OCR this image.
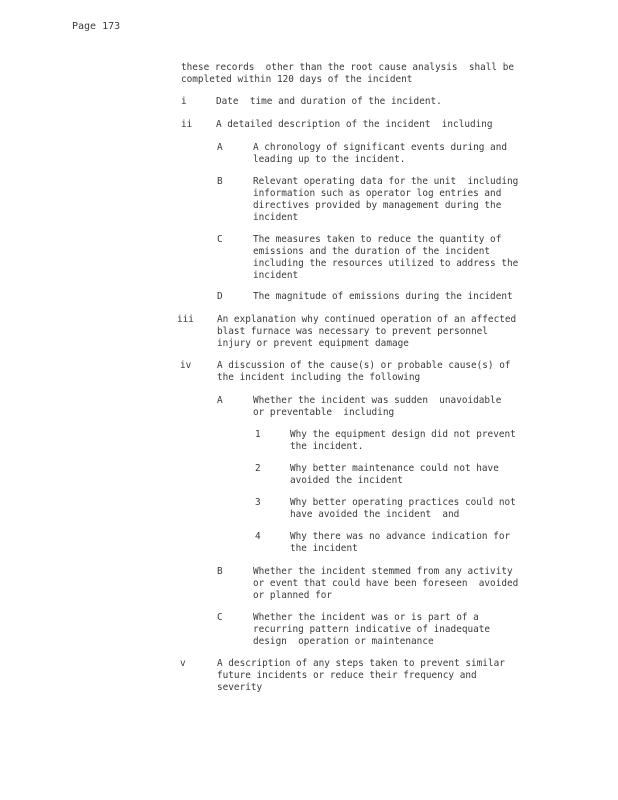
Page 173
these records  other than the root cause analysis  shall be
completed within 120 days of the incident
i	Date  time and duration of the incident.
ii	A detailed description of the incident  including
A	A chronology of significant events during and
leading up to the incident.
B	Relevant operating data for the unit  including
information such as operator log entries and
directives provided by management during the
incident
C	The measures taken to reduce the quantity of
emissions and the duration of the incident
including the resources utilized to address the
incident
D	The magnitude of emissions during the incident
iii An explanation why continued operation of an affected
blast furnace was necessary to prevent personnel
injury or prevent equipment damage
iv	A discussion of the cause(s) or probable cause(s) of
the incident including the following
A	Whether the incident was sudden  unavoidable
or preventable  including
1	Why the equipment design did not prevent
the incident.
2	Why better maintenance could not have
avoided the incident
3	Why better operating practices could not
have avoided the incident  and
4	Why there was no advance indication for
the incident
B	Whether the incident stemmed from any activity
or event that could have been foreseen  avoided
or planned for
C	Whether the incident was or is part of a
recurring pattern indicative of inadequate
design  operation or maintenance
v	A description of any steps taken to prevent similar
future incidents or reduce their frequency and
severity
